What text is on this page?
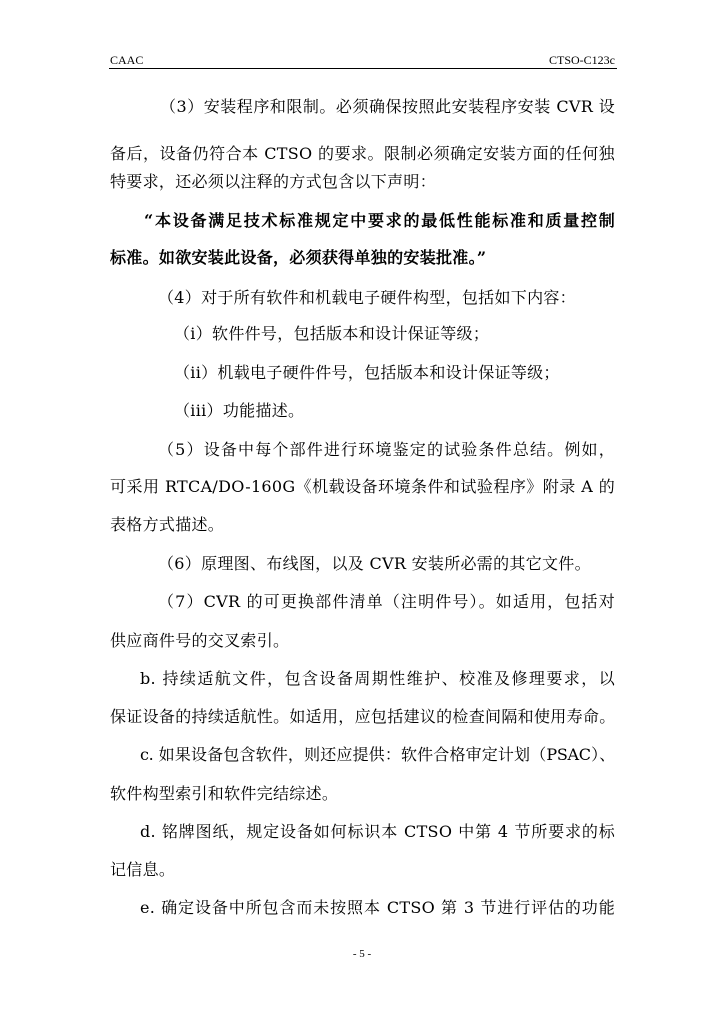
CAAC	CTSO-C123c
（3）安装程序和限制。必须确保按照此安装程序安装 CVR 设
备后，设备仍符合本 CTSO 的要求。限制必须确定安装方面的任何独
特要求，还必须以注释的方式包含以下声明：
“本设备满足技术标准规定中要求的最低性能标准和质量控制
标准。如欲安装此设备，必须获得单独的安装批准。”
（4）对于所有软件和机载电子硬件构型，包括如下内容：
（i）软件件号，包括版本和设计保证等级；
（ii）机载电子硬件件号，包括版本和设计保证等级；
（iii）功能描述。
（5）设备中每个部件进行环境鉴定的试验条件总结。例如，
可采用 RTCA/DO-160G《机载设备环境条件和试验程序》附录 A 的
表格方式描述。
（6）原理图、布线图，以及 CVR 安装所必需的其它文件。
（7）CVR 的可更换部件清单（注明件号）。如适用，包括对
供应商件号的交叉索引。
b. 持续适航文件，包含设备周期性维护、校准及修理要求，以
保证设备的持续适航性。如适用，应包括建议的检查间隔和使用寿命。
c. 如果设备包含软件，则还应提供：软件合格审定计划（PSAC）、
软件构型索引和软件完结综述。
d. 铭牌图纸，规定设备如何标识本 CTSO 中第 4 节所要求的标
记信息。
e. 确定设备中所包含而未按照本 CTSO 第 3 节进行评估的功能
- 5 -
